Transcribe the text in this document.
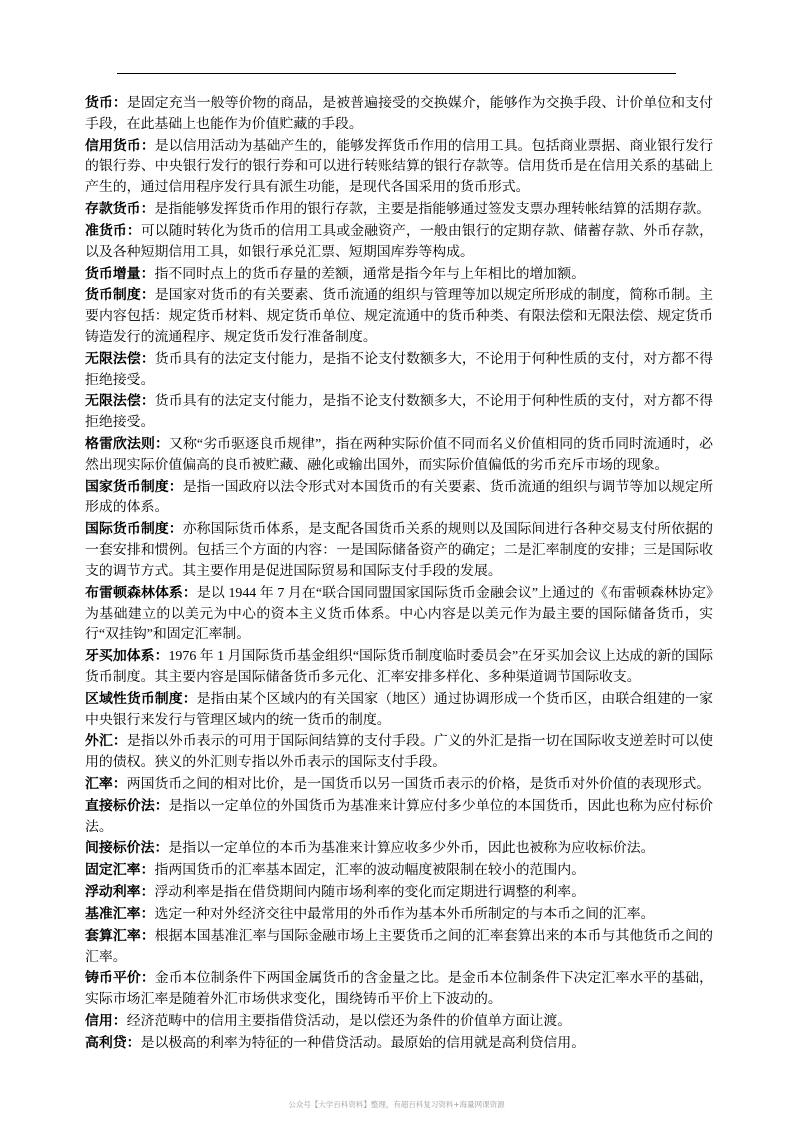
货币：是固定充当一般等价物的商品，是被普遍接受的交换媒介，能够作为交换手段、计价单位和支付手段，在此基础上也能作为价值贮藏的手段。

信用货币：是以信用活动为基础产生的，能够发挥货币作用的信用工具。包括商业票据、商业银行发行的银行券、中央银行发行的银行券和可以进行转账结算的银行存款等。信用货币是在信用关系的基础上产生的，通过信用程序发行具有派生功能，是现代各国采用的货币形式。

存款货币：是指能够发挥货币作用的银行存款，主要是指能够通过签发支票办理转帐结算的活期存款。

准货币：可以随时转化为货币的信用工具或金融资产，一般由银行的定期存款、储蓄存款、外币存款，以及各种短期信用工具，如银行承兑汇票、短期国库券等构成。

货币增量：指不同时点上的货币存量的差额，通常是指今年与上年相比的增加额。

货币制度：是国家对货币的有关要素、货币流通的组织与管理等加以规定所形成的制度，简称币制。主要内容包括：规定货币材料、规定货币单位、规定流通中的货币种类、有限法偿和无限法偿、规定货币铸造发行的流通程序、规定货币发行准备制度。

无限法偿：货币具有的法定支付能力，是指不论支付数额多大，不论用于何种性质的支付，对方都不得拒绝接受。

无限法偿：货币具有的法定支付能力，是指不论支付数额多大，不论用于何种性质的支付，对方都不得拒绝接受。

格雷欣法则：又称“劣币驱逐良币规律”，指在两种实际价值不同而名义价值相同的货币同时流通时，必然出现实际价值偏高的良币被贮藏、融化或输出国外，而实际价值偏低的劣币充斥市场的现象。

国家货币制度：是指一国政府以法令形式对本国货币的有关要素、货币流通的组织与调节等加以规定所形成的体系。

国际货币制度：亦称国际货币体系，是支配各国货币关系的规则以及国际间进行各种交易支付所依据的一套安排和惯例。包括三个方面的内容：一是国际储备资产的确定；二是汇率制度的安排；三是国际收支的调节方式。其主要作用是促进国际贸易和国际支付手段的发展。

布雷顿森林体系：是以 1944 年 7 月在“联合国同盟国家国际货币金融会议”上通过的《布雷顿森林协定》为基础建立的以美元为中心的资本主义货币体系。中心内容是以美元作为最主要的国际储备货币，实行“双挂钩”和固定汇率制。

牙买加体系：1976 年 1 月国际货币基金组织“国际货币制度临时委员会”在牙买加会议上达成的新的国际货币制度。其主要内容是国际储备货币多元化、汇率安排多样化、多种渠道调节国际收支。

区域性货币制度：是指由某个区域内的有关国家（地区）通过协调形成一个货币区，由联合组建的一家中央银行来发行与管理区域内的统一货币的制度。

外汇：是指以外币表示的可用于国际间结算的支付手段。广义的外汇是指一切在国际收支逆差时可以使用的债权。狭义的外汇则专指以外币表示的国际支付手段。

汇率：两国货币之间的相对比价，是一国货币以另一国货币表示的价格，是货币对外价值的表现形式。

直接标价法：是指以一定单位的外国货币为基准来计算应付多少单位的本国货币，因此也称为应付标价法。

间接标价法：是指以一定单位的本币为基准来计算应收多少外币，因此也被称为应收标价法。

固定汇率：指两国货币的汇率基本固定，汇率的波动幅度被限制在较小的范围内。

浮动利率：浮动利率是指在借贷期间内随市场利率的变化而定期进行调整的利率。

基准汇率：选定一种对外经济交往中最常用的外币作为基本外币所制定的与本币之间的汇率。

套算汇率：根据本国基准汇率与国际金融市场上主要货币之间的汇率套算出来的本币与其他货币之间的汇率。

铸币平价：金币本位制条件下两国金属货币的含金量之比。是金币本位制条件下决定汇率水平的基础，实际市场汇率是随着外汇市场供求变化，围绕铸币平价上下波动的。

信用：经济范畴中的信用主要指借贷活动，是以偿还为条件的价值单方面让渡。

高利贷：是以极高的利率为特征的一种借贷活动。最原始的信用就是高利贷信用。

公众号【大学百科资料】整理，有超百科复习资料+海量网课资源
